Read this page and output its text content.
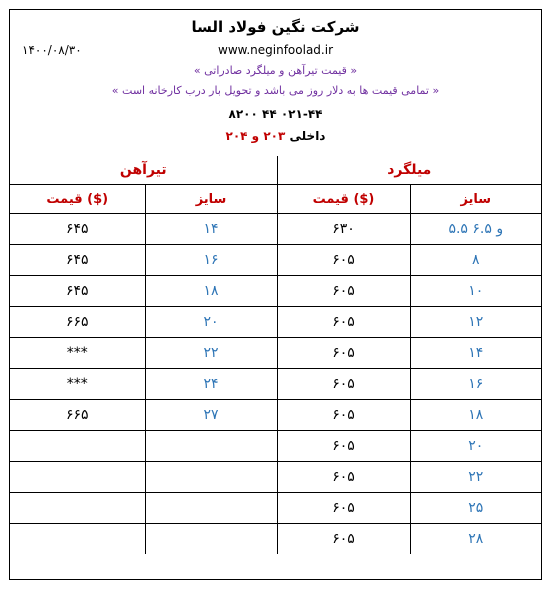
شرکت نگین فولاد السا
www.neginfoolad.ir
۱۴۰۰/۰۸/۳۰
« قیمت تیرآهن و میلگرد صادراتی »
« تمامی قیمت ها به دلار روز می باشد و تحویل بار درب کارخانه است »
۰۲۱-۴۴ ۴۴ ۸۲۰۰
داخلی ۲۰۳ و ۲۰۴
تیرآهن		میلگرد	
قیمت ($)	سایز	قیمت ($)	سایز
۶۴۵	۱۴	۶۳۰	۵.۵ و ۶.۵
۶۴۵	۱۶	۶۰۵	۸
۶۴۵	۱۸	۶۰۵	۱۰
۶۶۵	۲۰	۶۰۵	۱۲
***	۲۲	۶۰۵	۱۴
***	۲۴	۶۰۵	۱۶
۶۶۵	۲۷	۶۰۵	۱۸
		۶۰۵	۲۰
		۶۰۵	۲۲
		۶۰۵	۲۵
		۶۰۵	۲۸
